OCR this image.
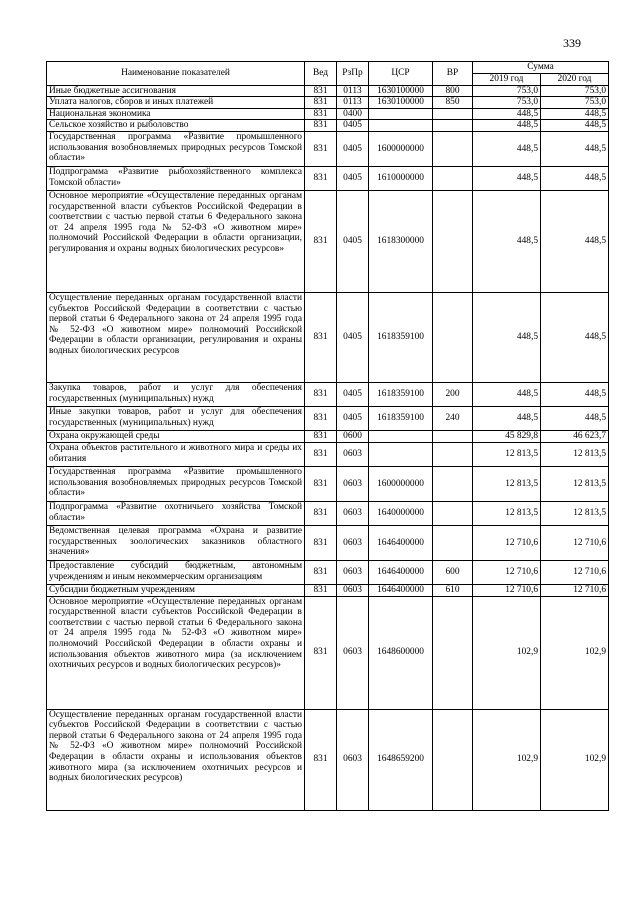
339
Наименование показателей	Вед	РзПр	ЦСР	ВР	Сумма	
					2019 год	2020 год
Иные бюджетные ассигнования	831	0113	1630100000	800	753,0	753,0
Уплата налогов, сборов и иных платежей	831	0113	1630100000	850	753,0	753,0
Национальная экономика	831	0400			448,5	448,5
Сельское хозяйство и рыболовство	831	0405			448,5	448,5
Государственная программа «Развитие промышленного использования возобновляемых природных ресурсов Томской области»	831	0405	1600000000		448,5	448,5
Подпрограмма «Развитие рыбохозяйственного комплекса Томской области»	831	0405	1610000000		448,5	448,5
Основное мероприятие «Осуществление переданных органам государственной власти субъектов Российской Федерации в соответствии с частью первой статьи 6 Федерального закона от 24 апреля 1995 года № 52-ФЗ «О животном мире» полномочий Российской Федерации в области организации, регулирования и охраны водных биологических ресурсов»	831	0405	1618300000		448,5	448,5
Осуществление переданных органам государственной власти субъектов Российской Федерации в соответствии с частью первой статьи 6 Федерального закона от 24 апреля 1995 года № 52-ФЗ «О животном мире» полномочий Российской Федерации в области организации, регулирования и охраны водных биологических ресурсов	831	0405	1618359100		448,5	448,5
Закупка товаров, работ и услуг для обеспечения государственных (муниципальных) нужд	831	0405	1618359100	200	448,5	448,5
Иные закупки товаров, работ и услуг для обеспечения государственных (муниципальных) нужд	831	0405	1618359100	240	448,5	448,5
Охрана окружающей среды	831	0600			45 829,8	46 623,7
Охрана объектов растительного и животного мира и среды их обитания	831	0603			12 813,5	12 813,5
Государственная программа «Развитие промышленного использования возобновляемых природных ресурсов Томской области»	831	0603	1600000000		12 813,5	12 813,5
Подпрограмма «Развитие охотничьего хозяйства Томской области»	831	0603	1640000000		12 813,5	12 813,5
Ведомственная целевая программа «Охрана и развитие государственных зоологических заказников областного значения»	831	0603	1646400000		12 710,6	12 710,6
Предоставление субсидий бюджетным, автономным учреждениям и иным некоммерческим организациям	831	0603	1646400000	600	12 710,6	12 710,6
Субсидии бюджетным учреждениям	831	0603	1646400000	610	12 710,6	12 710,6
Основное мероприятие «Осуществление переданных органам государственной власти субъектов Российской Федерации в соответствии с частью первой статьи 6 Федерального закона от 24 апреля 1995 года № 52-ФЗ «О животном мире» полномочий Российской Федерации в области охраны и использования объектов животного мира (за исключением охотничьих ресурсов и водных биологических ресурсов)»	831	0603	1648600000		102,9	102,9
Осуществление переданных органам государственной власти субъектов Российской Федерации в соответствии с частью первой статьи 6 Федерального закона от 24 апреля 1995 года № 52-ФЗ «О животном мире» полномочий Российской Федерации в области охраны и использования объектов животного мира (за исключением охотничьих ресурсов и водных биологических ресурсов)	831	0603	1648659200		102,9	102,9
